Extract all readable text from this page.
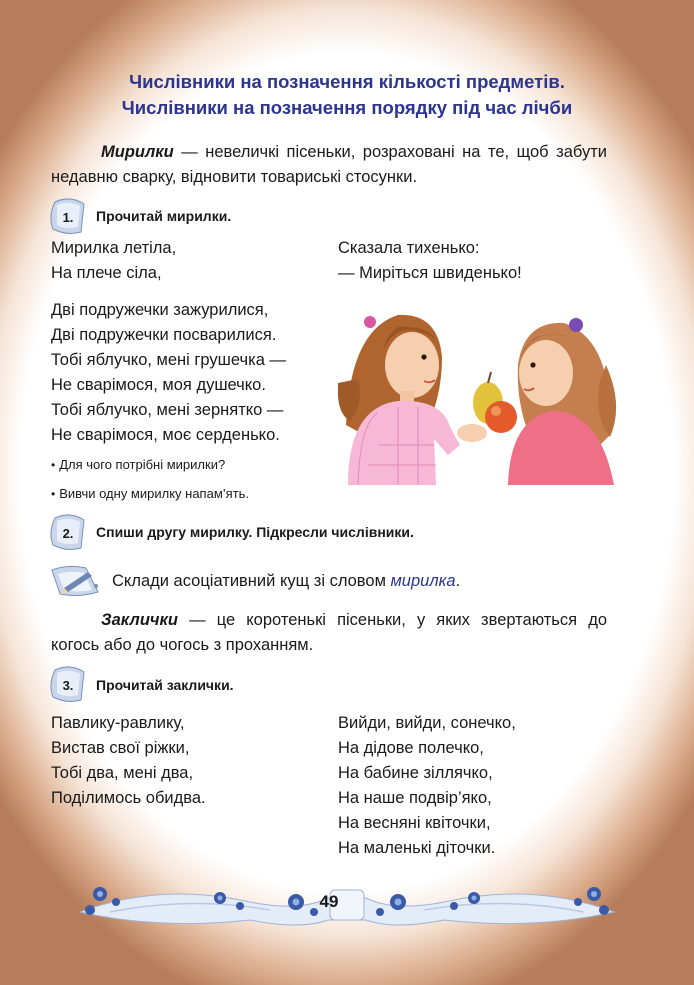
Числівники на позначення кількості предметів.
Числівники на позначення порядку під час лічби
Мирилки — невеличкі пісеньки, розраховані на те, щоб забути недавню сварку, відновити товариські стосунки.
1. Прочитай мирилки.
Мирилка летіла,
На плече сіла,
Сказала тихенько:
— Миріться швиденько!
Дві подружечки зажурилися,
Дві подружечки посварилися.
Тобі яблучко, мені грушечка —
Не сварімося, моя душечко.
Тобі яблучко, мені зернятко —
Не сварімося, моє серденько.
• Для чого потрібні мирилки?
• Вивчи одну мирилку напам’ять.
2. Спиши другу мирилку. Підкресли числівники.
Склади асоціативний кущ зі словом мирилка.
Заклички — це коротенькі пісеньки, у яких звертаються до когось або до чогось з проханням.
3. Прочитай заклички.
Павлику-равлику,
Вистав свої ріжки,
Тобі два, мені два,
Поділимось обидва.
Вийди, вийди, сонечко,
На дідове полечко,
На бабине зіллячко,
На наше подвір’яко,
На весняні квіточки,
На маленькі діточки.
49
